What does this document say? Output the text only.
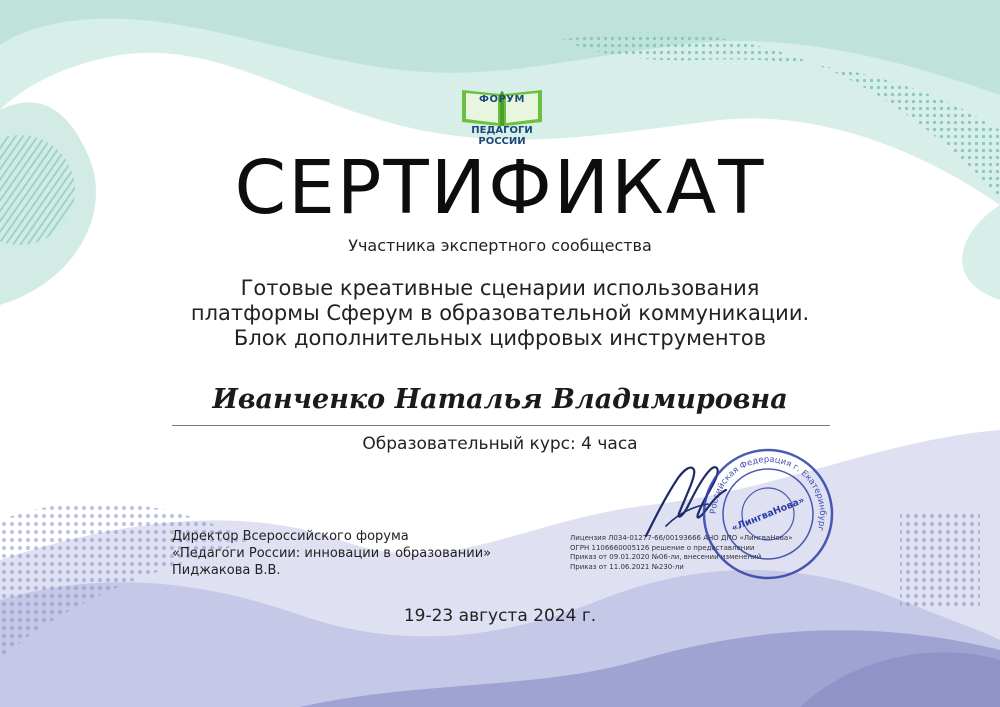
ФОРУМ
ПЕДАГОГИ РОССИИ
СЕРТИФИКАТ
Участника экспертного сообщества
Готовые креативные сценарии использования
платформы Сферум в образовательной коммуникации.
Блок дополнительных цифровых инструментов
Иванченко Наталья Владимировна
Образовательный курс: 4 часа
Директор Всероссийского форума
«Педагоги России: инновации в образовании»
Пиджакова В.В.
Лицензия Л034-01277-66/00193666 АНО ДПО «ЛингваНова»
ОГРН 1106660005126 решение о предоставлении
Приказ от 09.01.2020 №06-ли, внесении изменений
Приказ от 11.06.2021 №230-ли
Российская Федерация г. Екатеринбург
«ЛингваНова»
19-23 августа 2024 г.
